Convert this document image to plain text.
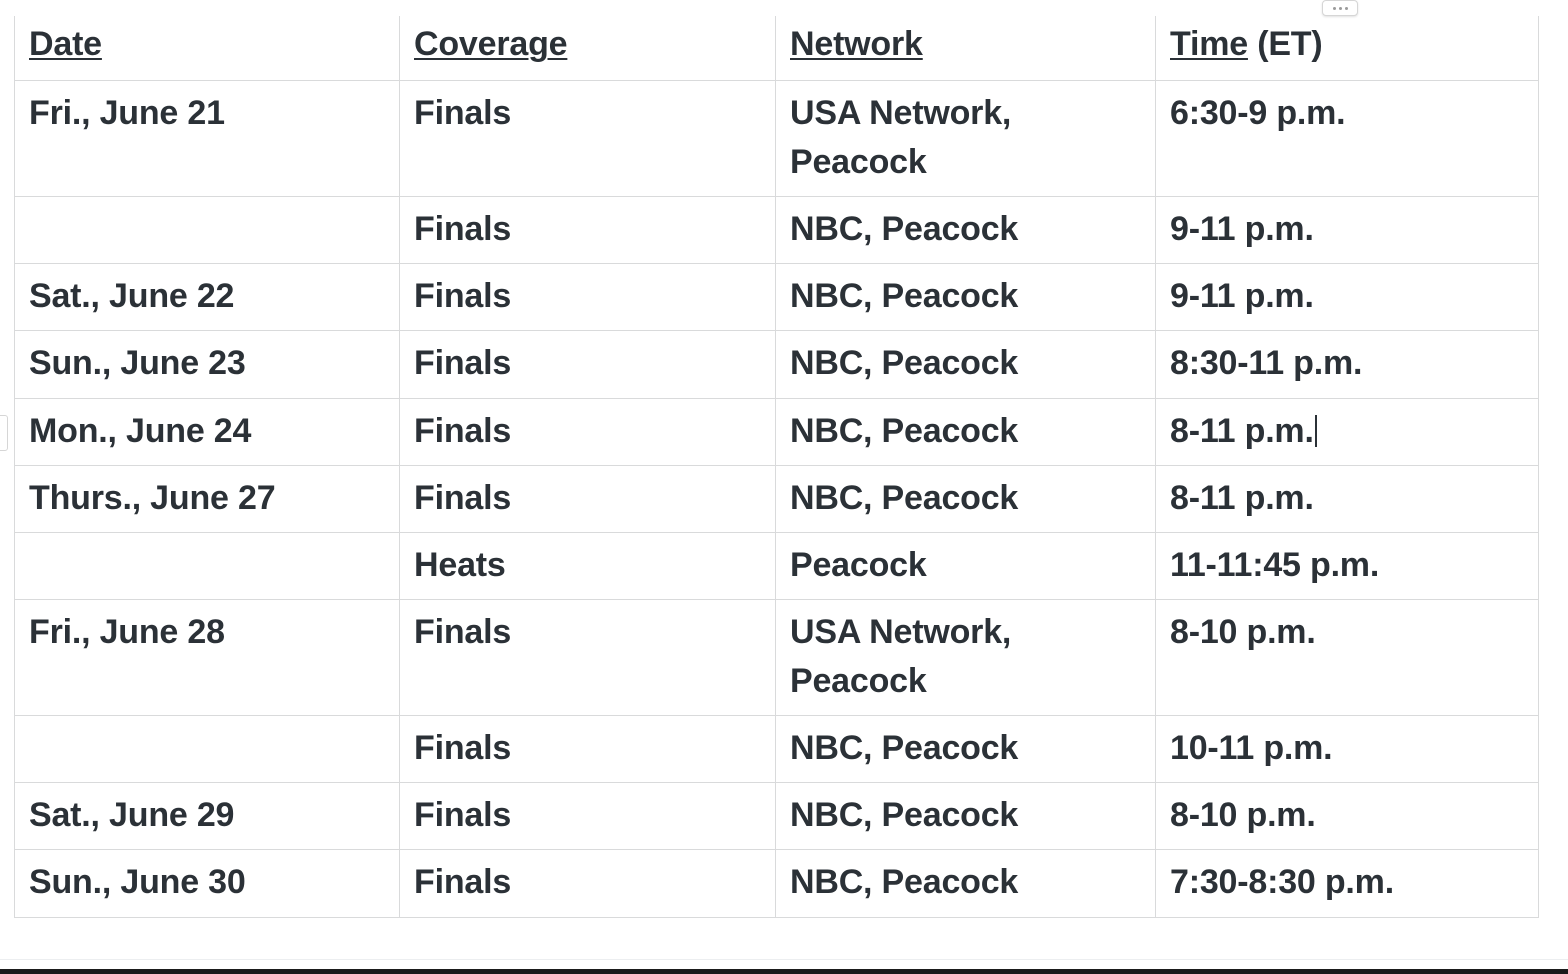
Date	Coverage	Network	Time (ET)
Fri., June 21	Finals	USA Network, Peacock	6:30-9 p.m.
	Finals	NBC, Peacock	9-11 p.m.
Sat., June 22	Finals	NBC, Peacock	9-11 p.m.
Sun., June 23	Finals	NBC, Peacock	8:30-11 p.m.
Mon., June 24	Finals	NBC, Peacock	8-11 p.m.
Thurs., June 27	Finals	NBC, Peacock	8-11 p.m.
	Heats	Peacock	11-11:45 p.m.
Fri., June 28	Finals	USA Network, Peacock	8-10 p.m.
	Finals	NBC, Peacock	10-11 p.m.
Sat., June 29	Finals	NBC, Peacock	8-10 p.m.
Sun., June 30	Finals	NBC, Peacock	7:30-8:30 p.m.
